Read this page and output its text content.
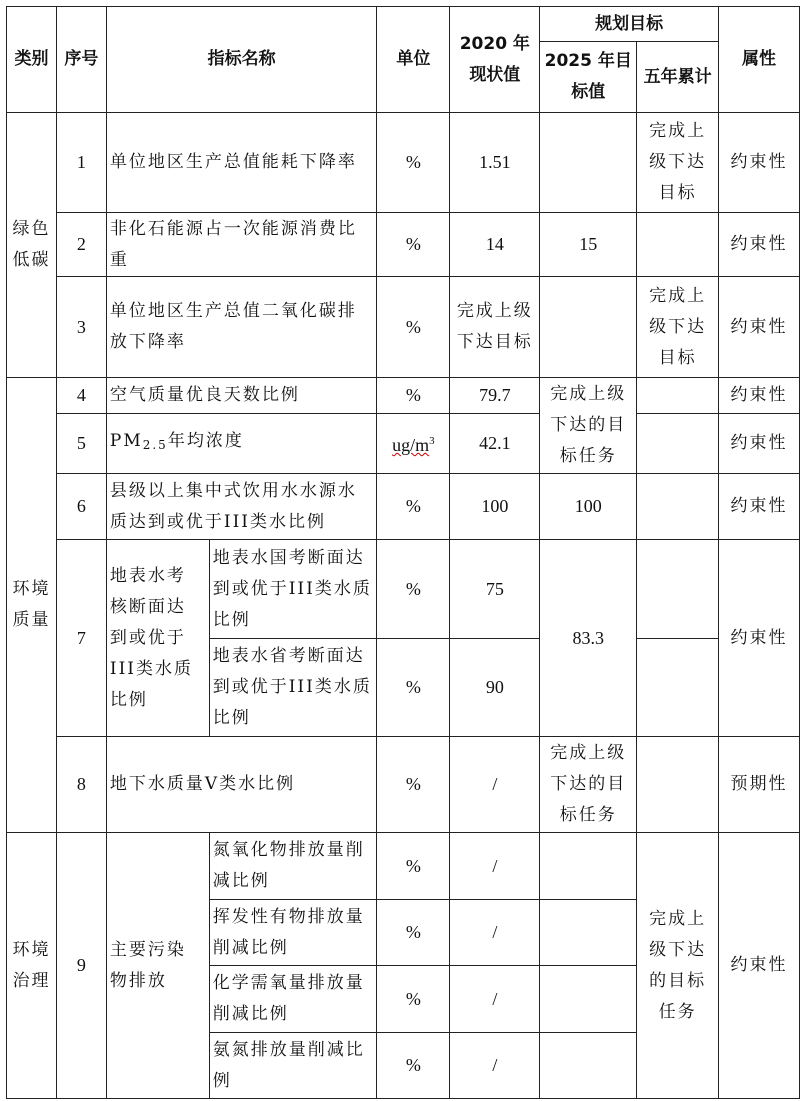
类别	序号	指标名称		单位	2020 年现状值	规划目标		属性
						2025 年目标值	五年累计	
绿色低碳	1	单位地区生产总值能耗下降率		%	1.51		完成上级下达目标	约束性
	2	非化石能源占一次能源消费比重		%	14	15		约束性
	3	单位地区生产总值二氧化碳排放下降率		%	完成上级下达目标		完成上级下达目标	约束性
环境质量	4	空气质量优良天数比例		%	79.7	完成上级下达的目标任务		约束性
	5	$PM_{2.5}$年均浓度		$ug/m^3$	42.1			约束性
	6	县级以上集中式饮用水水源水质达到或优于III类水比例		%	100	100		约束性
	7	地表水考核断面达到或优于III类水质比例	地表水国考断面达到或优于III类水质比例	%	75	83.3		约束性
			地表水省考断面达到或优于III类水质比例	%	90			
	8	地下水质量V类水比例		%	/	完成上级下达的目标任务		预期性
环境治理	9	主要污染物排放	氮氧化物排放量削减比例	%	/		完成上级下达的目标任务	约束性
			挥发性有物排放量削减比例	%	/			
			化学需氧量排放量削减比例	%	/			
			氨氮排放量削减比例	%	/			
